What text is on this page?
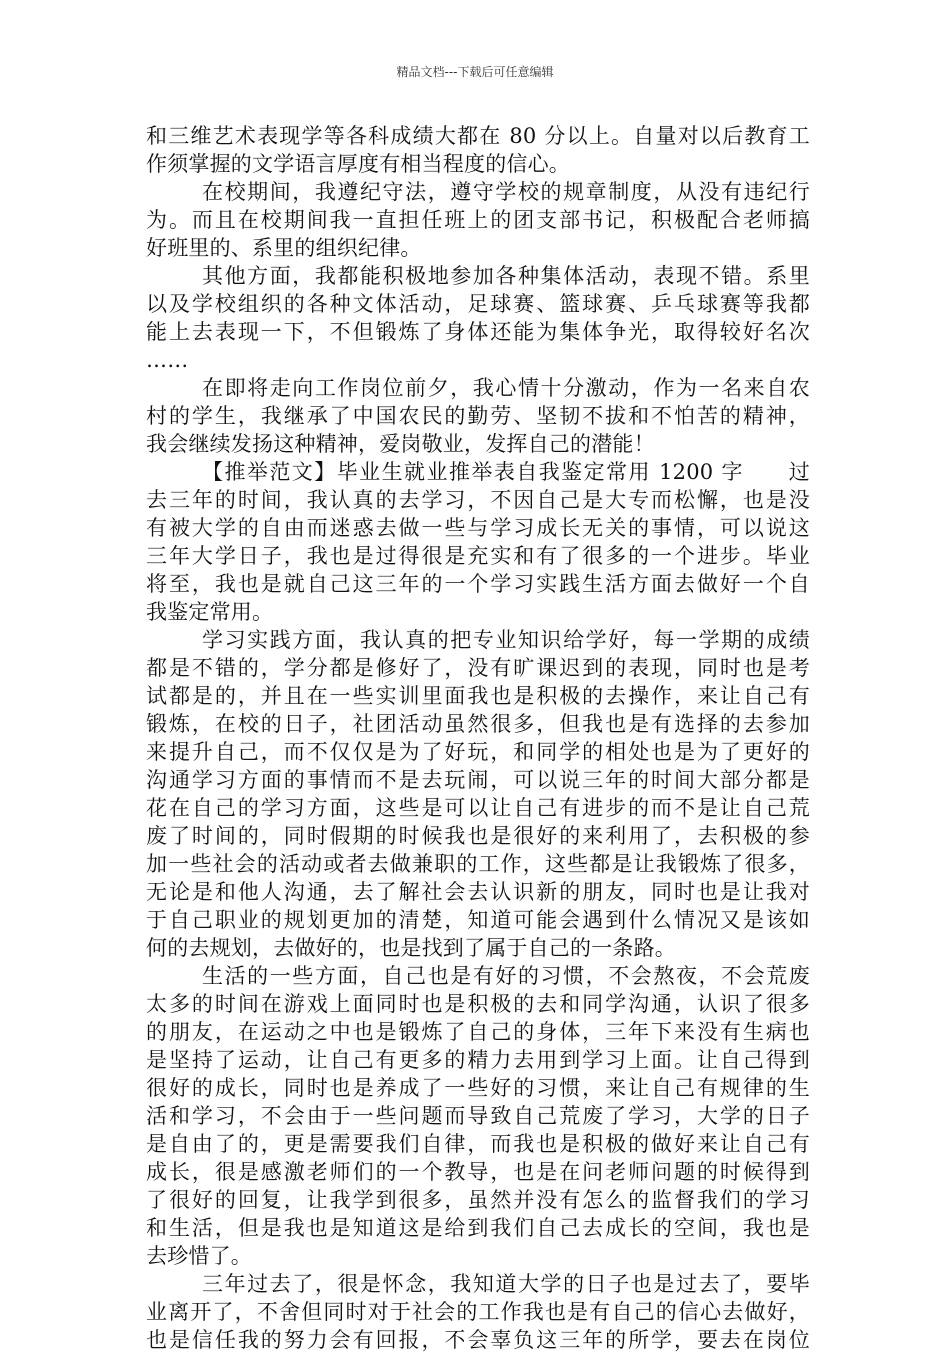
精品文档---下载后可任意编辑
和三维艺术表现学等各科成绩大都在 80 分以上。自量对以后教育工
作须掌握的文学语言厚度有相当程度的信心。
在校期间，我遵纪守法，遵守学校的规章制度，从没有违纪行
为。而且在校期间我一直担任班上的团支部书记，积极配合老师搞
好班里的、系里的组织纪律。
其他方面，我都能积极地参加各种集体活动，表现不错。系里
以及学校组织的各种文体活动，足球赛、篮球赛、乒乓球赛等我都
能上去表现一下，不但锻炼了身体还能为集体争光，取得较好名次
……
在即将走向工作岗位前夕，我心情十分激动，作为一名来自农
村的学生，我继承了中国农民的勤劳、坚韧不拔和不怕苦的精神，
我会继续发扬这种精神，爱岗敬业，发挥自己的潜能！
【推举范文】毕业生就业推举表自我鉴定常用 1200 字　　过
去三年的时间，我认真的去学习，不因自己是大专而松懈，也是没
有被大学的自由而迷惑去做一些与学习成长无关的事情，可以说这
三年大学日子，我也是过得很是充实和有了很多的一个进步。毕业
将至，我也是就自己这三年的一个学习实践生活方面去做好一个自
我鉴定常用。
学习实践方面，我认真的把专业知识给学好，每一学期的成绩
都是不错的，学分都是修好了，没有旷课迟到的表现，同时也是考
试都是的，并且在一些实训里面我也是积极的去操作，来让自己有
锻炼，在校的日子，社团活动虽然很多，但我也是有选择的去参加
来提升自己，而不仅仅是为了好玩，和同学的相处也是为了更好的
沟通学习方面的事情而不是去玩闹，可以说三年的时间大部分都是
花在自己的学习方面，这些是可以让自己有进步的而不是让自己荒
废了时间的，同时假期的时候我也是很好的来利用了，去积极的参
加一些社会的活动或者去做兼职的工作，这些都是让我锻炼了很多，
无论是和他人沟通，去了解社会去认识新的朋友，同时也是让我对
于自己职业的规划更加的清楚，知道可能会遇到什么情况又是该如
何的去规划，去做好的，也是找到了属于自己的一条路。
生活的一些方面，自己也是有好的习惯，不会熬夜，不会荒废
太多的时间在游戏上面同时也是积极的去和同学沟通，认识了很多
的朋友，在运动之中也是锻炼了自己的身体，三年下来没有生病也
是坚持了运动，让自己有更多的精力去用到学习上面。让自己得到
很好的成长，同时也是养成了一些好的习惯，来让自己有规律的生
活和学习，不会由于一些问题而导致自己荒废了学习，大学的日子
是自由了的，更是需要我们自律，而我也是积极的做好来让自己有
成长，很是感激老师们的一个教导，也是在问老师问题的时候得到
了很好的回复，让我学到很多，虽然并没有怎么的监督我们的学习
和生活，但是我也是知道这是给到我们自己去成长的空间，我也是
去珍惜了。
三年过去了，很是怀念，我知道大学的日子也是过去了，要毕
业离开了，不舍但同时对于社会的工作我也是有自己的信心去做好，
也是信任我的努力会有回报，不会辜负这三年的所学，要去在岗位
